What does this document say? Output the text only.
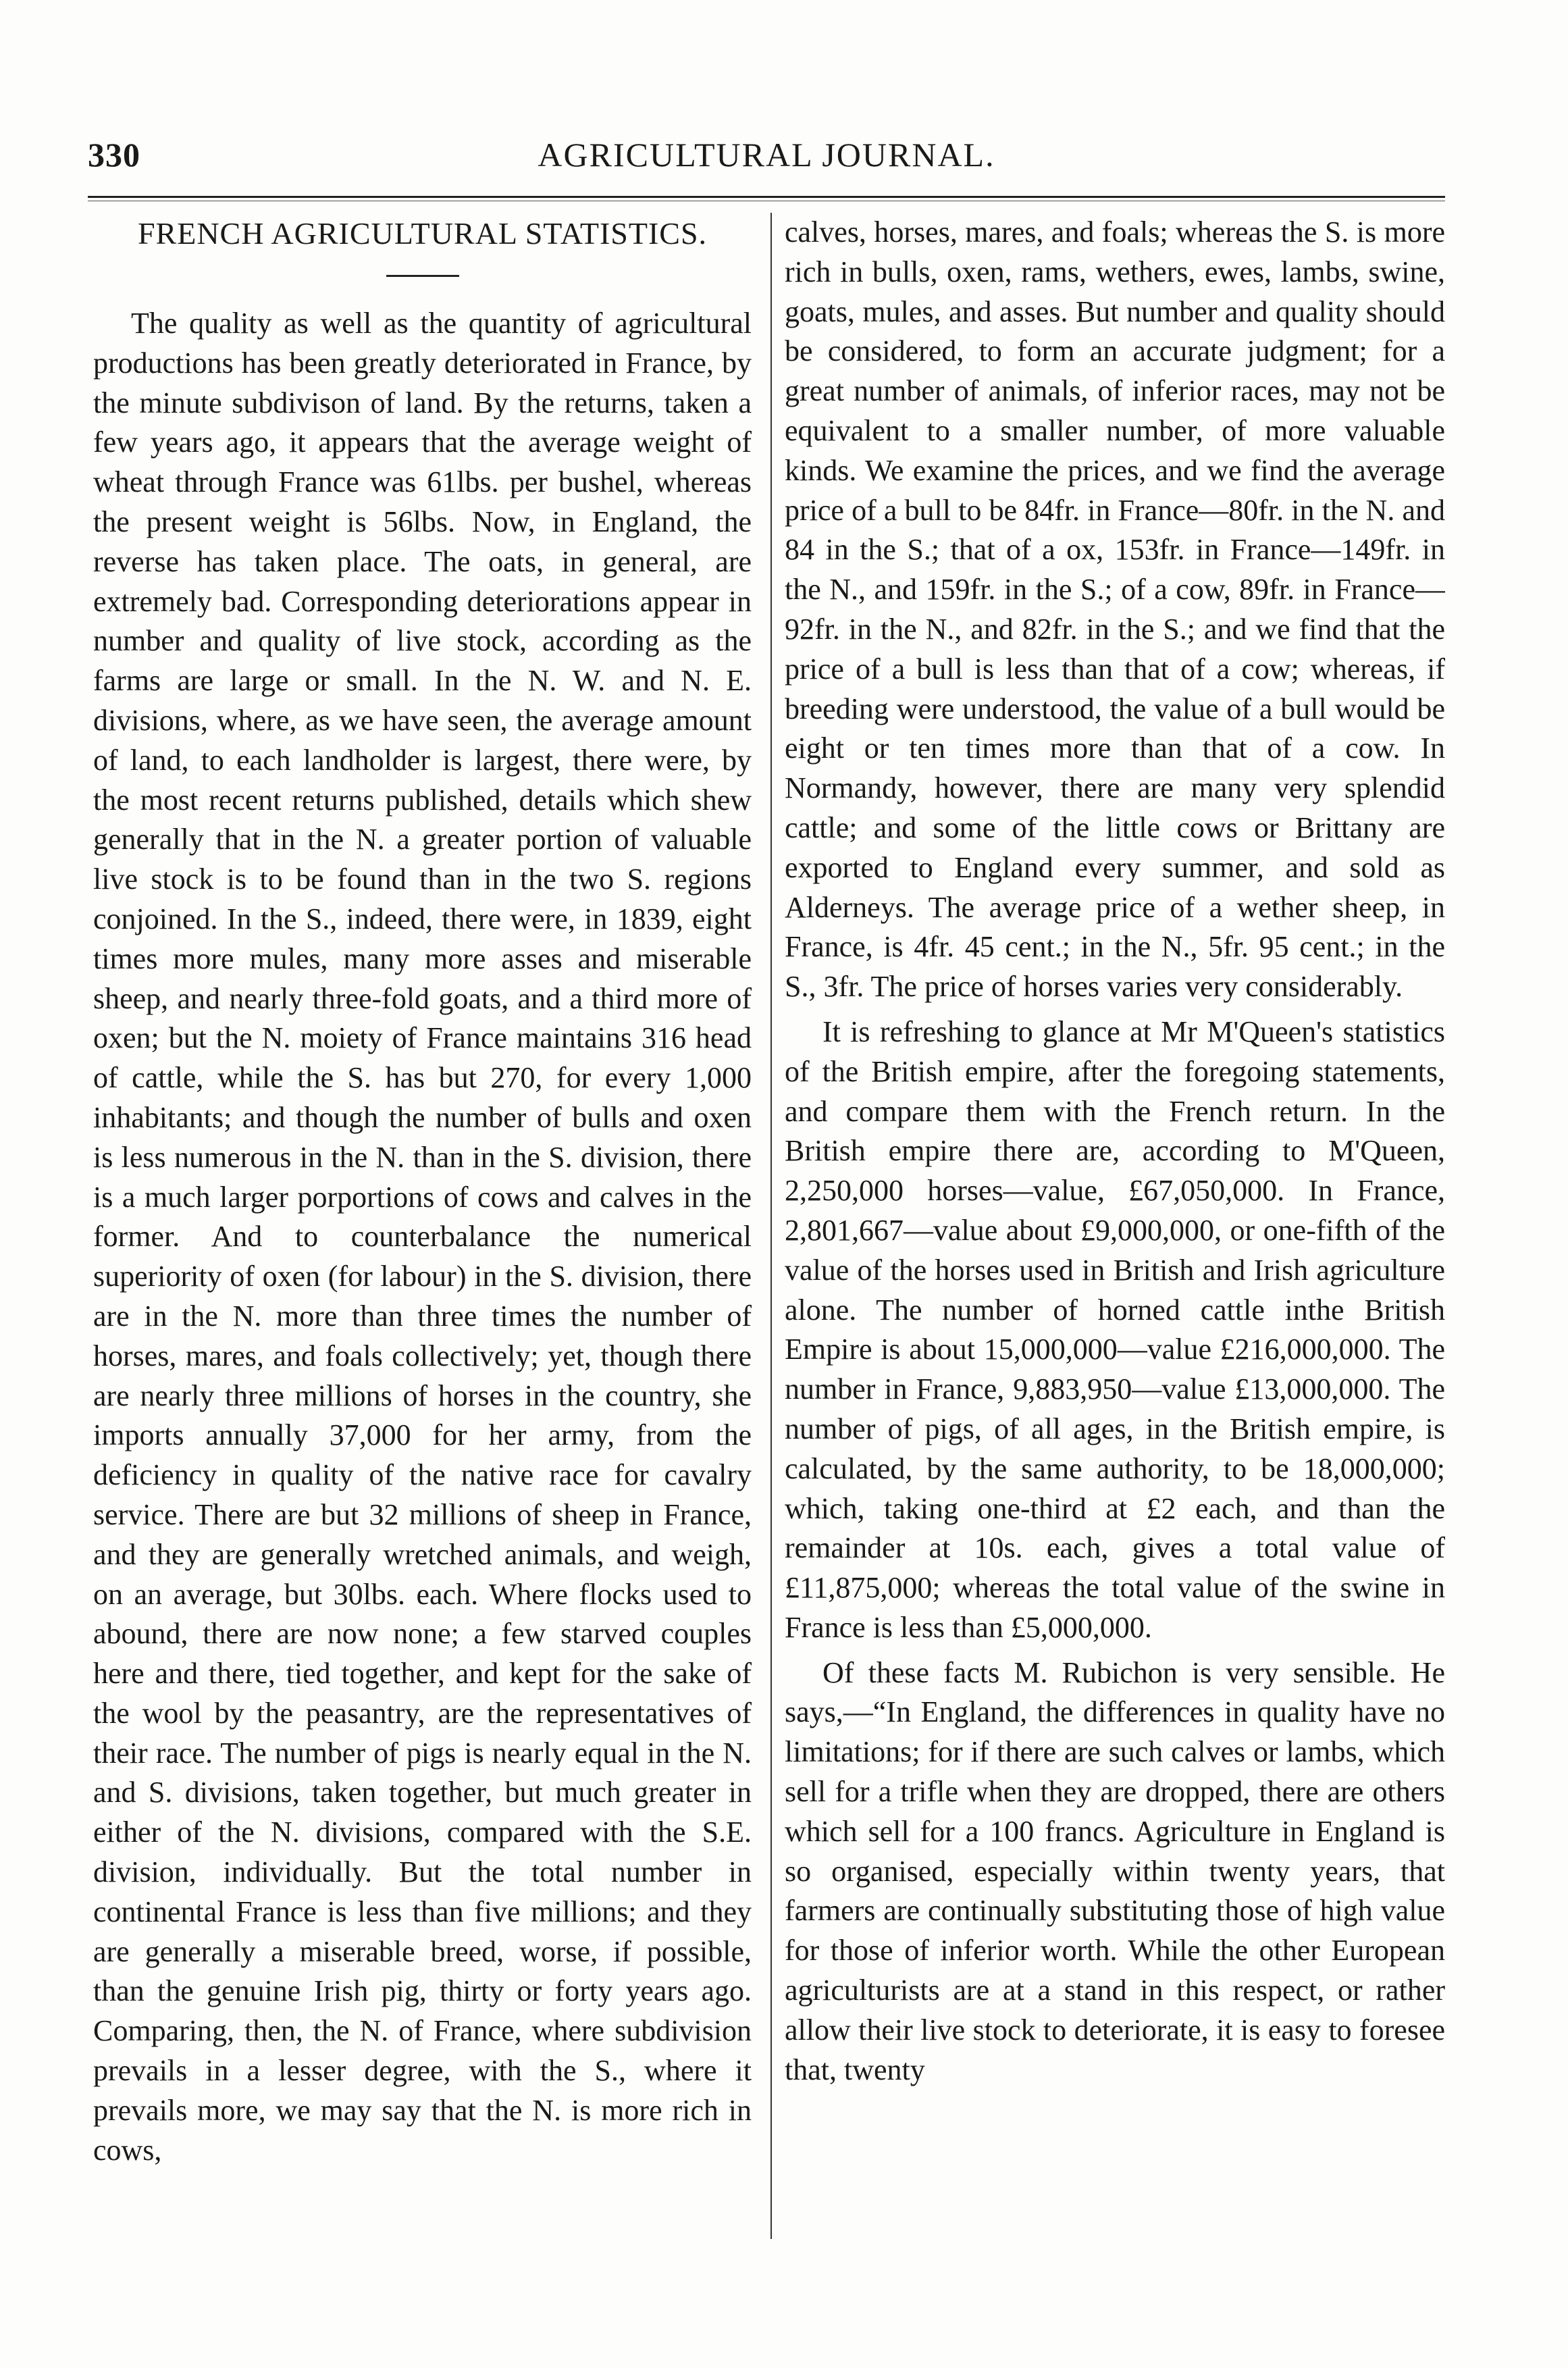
330	AGRICULTURAL JOURNAL.
FRENCH AGRICULTURAL STATISTICS.

The quality as well as the quantity of agricultural productions has been greatly deteriorated in France, by the minute subdivison of land. By the returns, taken a few years ago, it appears that the average weight of wheat through France was 61lbs. per bushel, whereas the present weight is 56lbs. Now, in England, the reverse has taken place. The oats, in general, are extremely bad. Corresponding deteriorations appear in number and quality of live stock, according as the farms are large or small. In the N. W. and N. E. divisions, where, as we have seen, the average amount of land, to each landholder is largest, there were, by the most recent returns published, details which shew generally that in the N. a greater portion of valuable live stock is to be found than in the two S. regions conjoined. In the S., indeed, there were, in 1839, eight times more mules, many more asses and miserable sheep, and nearly three-fold goats, and a third more of oxen; but the N. moiety of France maintains 316 head of cattle, while the S. has but 270, for every 1,000 inhabitants; and though the number of bulls and oxen is less numerous in the N. than in the S. division, there is a much larger porportions of cows and calves in the former. And to counterbalance the numerical superiority of oxen (for labour) in the S. division, there are in the N. more than three times the number of horses, mares, and foals collectively; yet, though there are nearly three millions of horses in the country, she imports annually 37,000 for her army, from the deficiency in quality of the native race for cavalry service. There are but 32 millions of sheep in France, and they are generally wretched animals, and weigh, on an average, but 30lbs. each. Where flocks used to abound, there are now none; a few starved couples here and there, tied together, and kept for the sake of the wool by the peasantry, are the representatives of their race. The number of pigs is nearly equal in the N. and S. divisions, taken together, but much greater in either of the N. divisions, compared with the S.E. division, individually. But the total number in continental France is less than five millions; and they are generally a miserable breed, worse, if possible, than the genuine Irish pig, thirty or forty years ago. Comparing, then, the N. of France, where subdivision prevails in a lesser degree, with the S., where it prevails more, we may say that the N. is more rich in cows,

calves, horses, mares, and foals; whereas the S. is more rich in bulls, oxen, rams, wethers, ewes, lambs, swine, goats, mules, and asses. But number and quality should be considered, to form an accurate judgment; for a great number of animals, of inferior races, may not be equivalent to a smaller number, of more valuable kinds. We examine the prices, and we find the average price of a bull to be 84fr. in France—80fr. in the N. and 84 in the S.; that of a ox, 153fr. in France—149fr. in the N., and 159fr. in the S.; of a cow, 89fr. in France—92fr. in the N., and 82fr. in the S.; and we find that the price of a bull is less than that of a cow; whereas, if breeding were understood, the value of a bull would be eight or ten times more than that of a cow. In Normandy, however, there are many very splendid cattle; and some of the little cows or Brittany are exported to England every summer, and sold as Alderneys. The average price of a wether sheep, in France, is 4fr. 45 cent.; in the N., 5fr. 95 cent.; in the S., 3fr. The price of horses varies very considerably.

It is refreshing to glance at Mr M'Queen's statistics of the British empire, after the foregoing statements, and compare them with the French return. In the British empire there are, according to M'Queen, 2,250,000 horses—value, £67,050,000. In France, 2,801,667—value about £9,000,000, or one-fifth of the value of the horses used in British and Irish agriculture alone. The number of horned cattle inthe British Empire is about 15,000,000—value £216,000,000. The number in France, 9,883,950—value £13,000,000. The number of pigs, of all ages, in the British empire, is calculated, by the same authority, to be 18,000,000; which, taking one-third at £2 each, and than the remainder at 10s. each, gives a total value of £11,875,000; whereas the total value of the swine in France is less than £5,000,000.

Of these facts M. Rubichon is very sensible. He says,—“In England, the differences in quality have no limitations; for if there are such calves or lambs, which sell for a trifle when they are dropped, there are others which sell for a 100 francs. Agriculture in England is so organised, especially within twenty years, that farmers are continually substituting those of high value for those of inferior worth. While the other European agriculturists are at a stand in this respect, or rather allow their live stock to deteriorate, it is easy to foresee that, twenty
